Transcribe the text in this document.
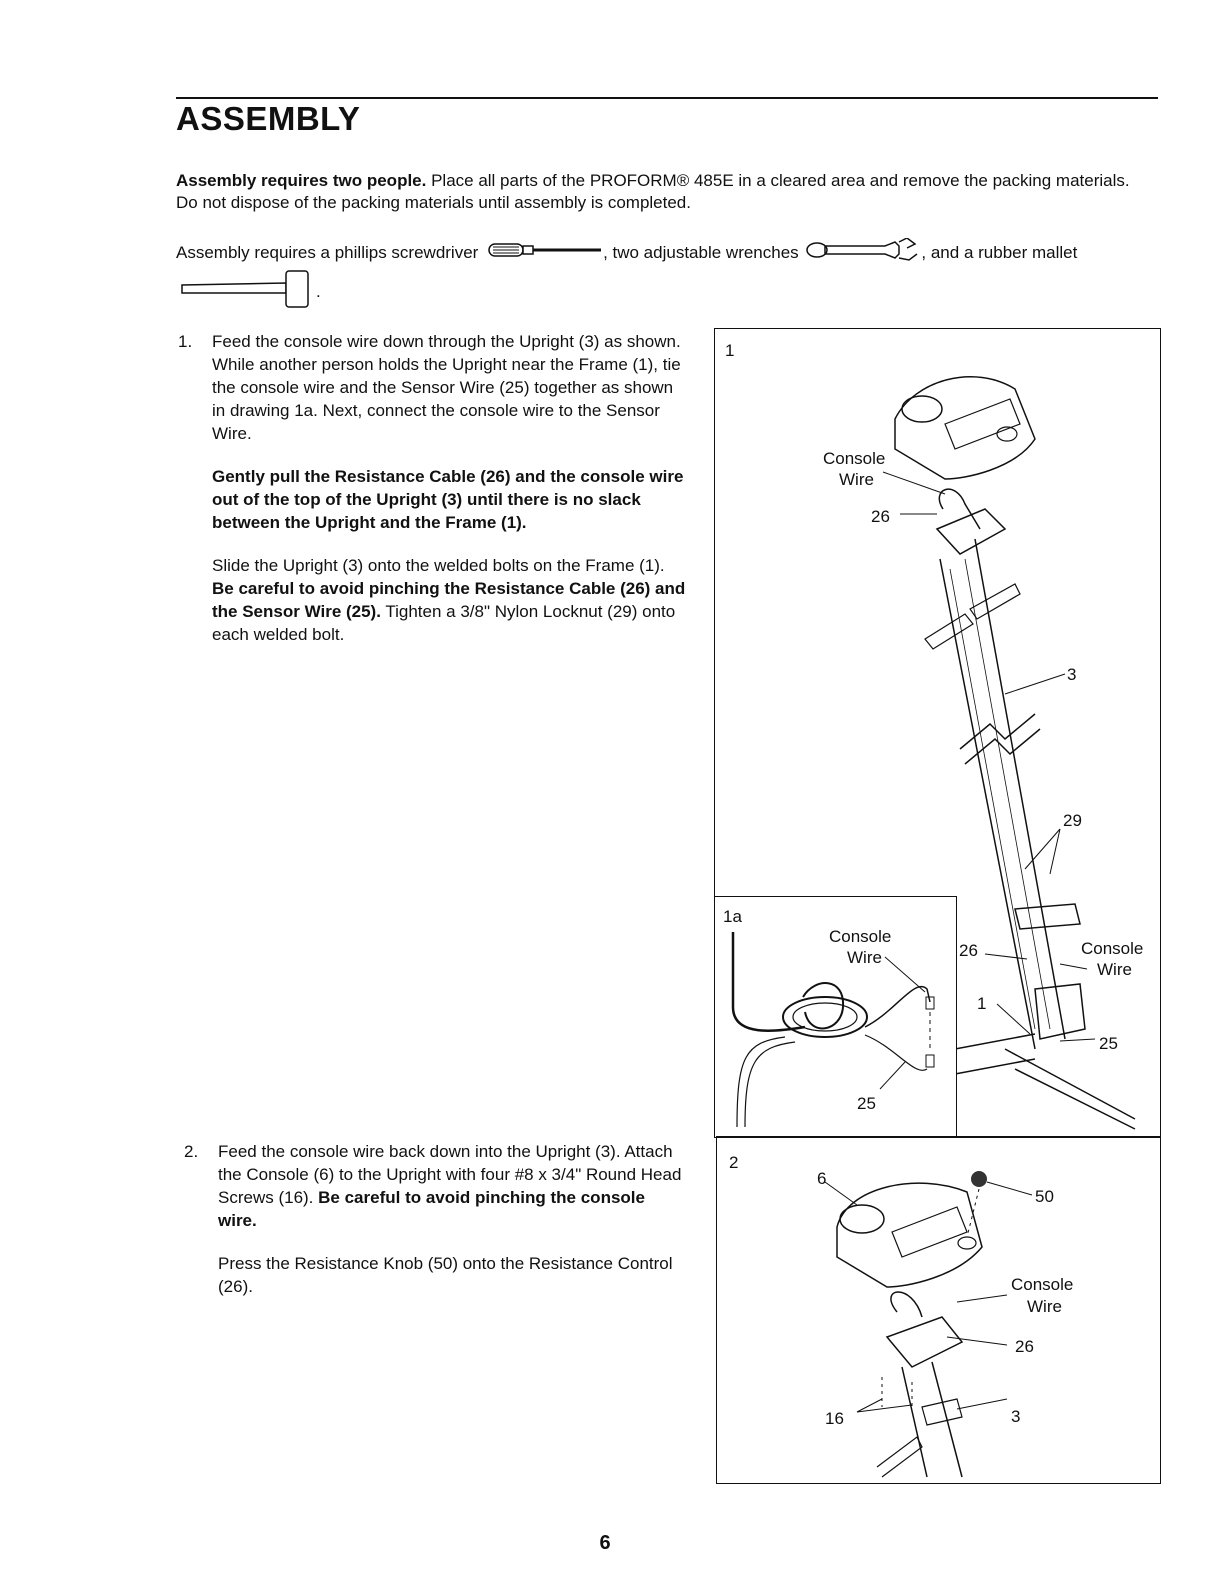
ASSEMBLY
Assembly requires two people. Place all parts of the PROFORM® 485E in a cleared area and remove the packing materials. Do not dispose of the packing materials until assembly is completed.
Assembly requires a phillips screwdriver	, two adjustable wrenches	, and a rubber mallet .
1. Feed the console wire down through the Upright (3) as shown. While another person holds the Upright near the Frame (1), tie the console wire and the Sensor Wire (25) together as shown in drawing 1a. Next, connect the console wire to the Sensor Wire.

Gently pull the Resistance Cable (26) and the console wire out of the top of the Upright (3) until there is no slack between the Upright and the Frame (1).

Slide the Upright (3) onto the welded bolts on the Frame (1). Be careful to avoid pinching the Resistance Cable (26) and the Sensor Wire (25). Tighten a 3/8" Nylon Locknut (29) onto each welded bolt.

2. Feed the console wire back down into the Upright (3). Attach the Console (6) to the Upright with four #8 x 3/4" Round Head Screws (16). Be careful to avoid pinching the console wire.

Press the Resistance Knob (50) onto the Resistance Control (26).

1
Console
Wire
26
3
29
26	Console
Wire
1
25
1a
Console
Wire
25
2
6
50
Console
Wire
26
16	3
6
